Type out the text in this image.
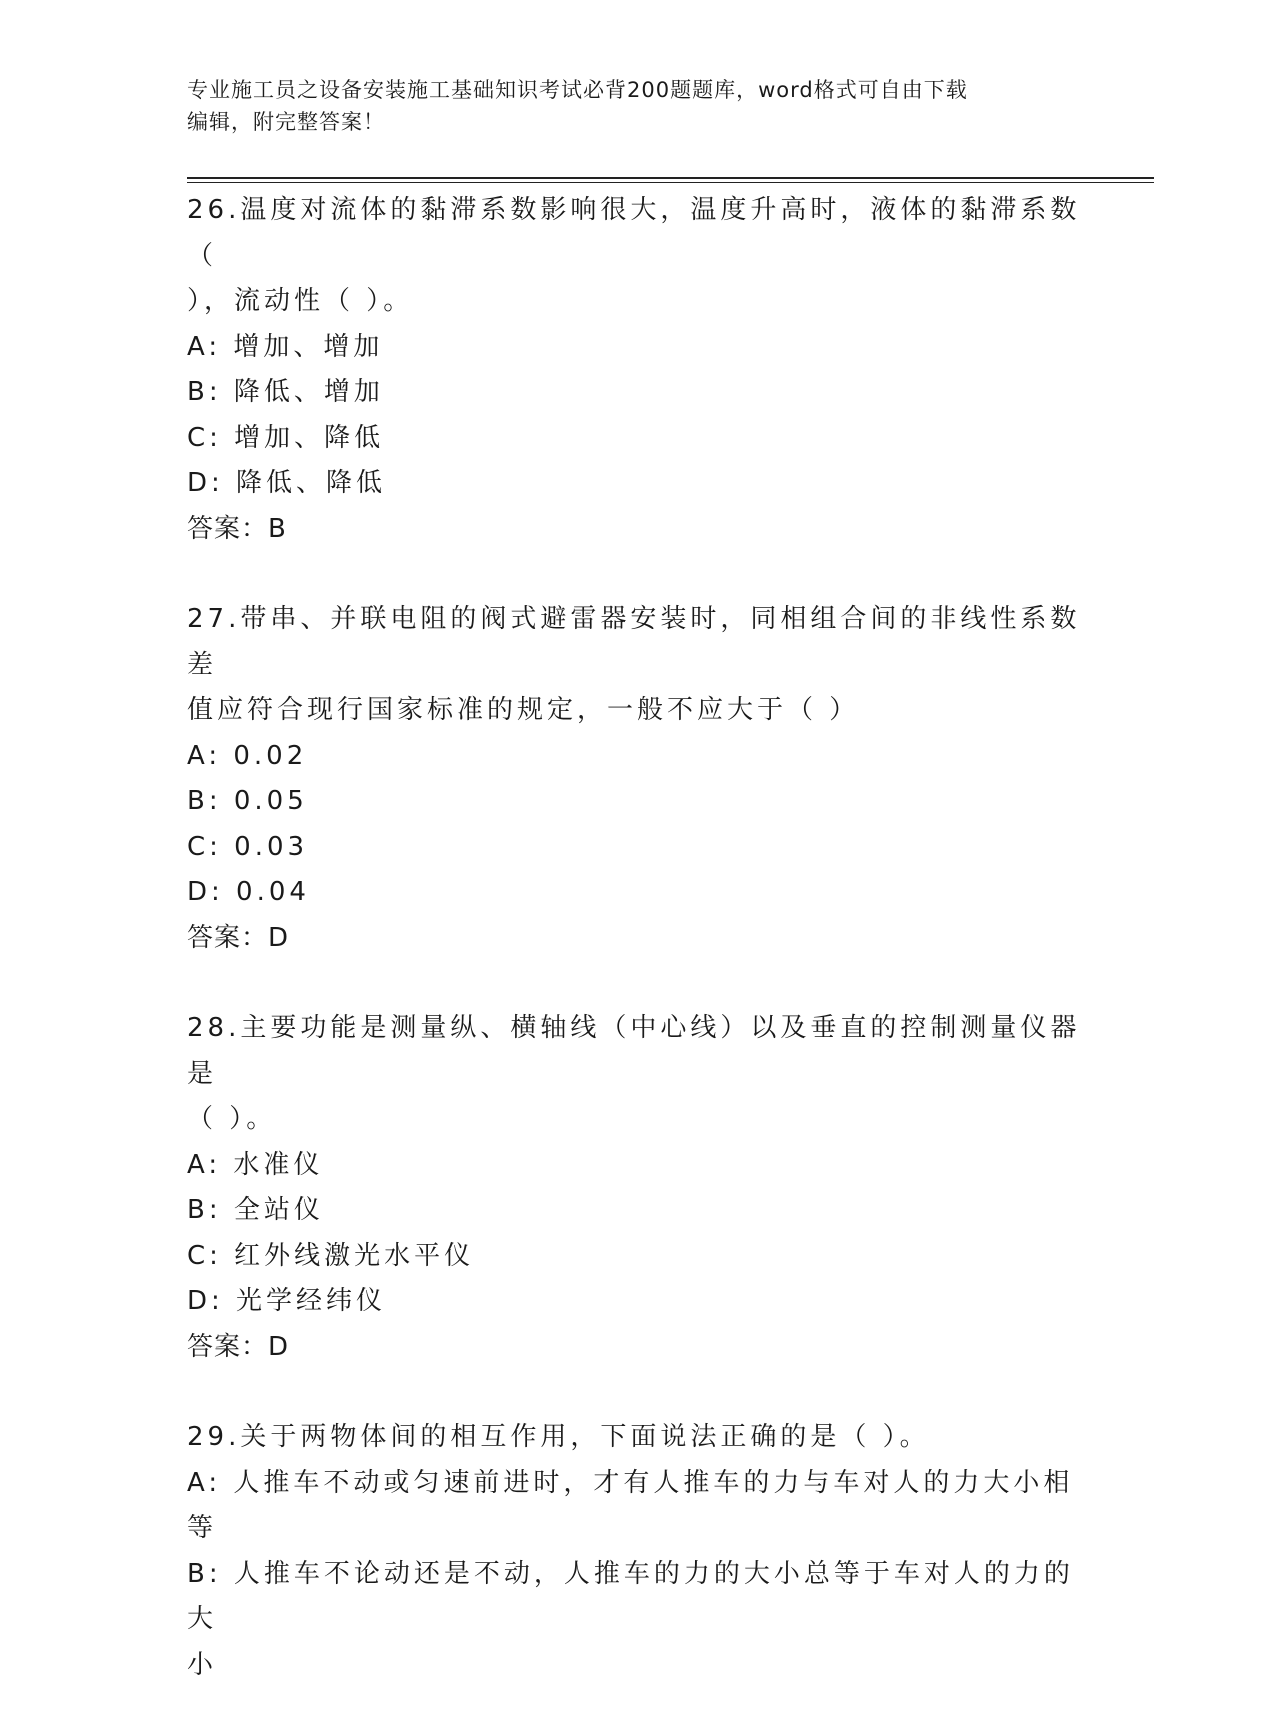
专业施工员之设备安装施工基础知识考试必背200题题库，word格式可自由下载
编辑，附完整答案！
26.温度对流体的黏滞系数影响很大，温度升高时，液体的黏滞系数（
），流动性（ ）。
A: 增加、增加
B: 降低、增加
C: 增加、降低
D: 降低、降低
答案：B
27.带串、并联电阻的阀式避雷器安装时，同相组合间的非线性系数差
值应符合现行国家标准的规定，一般不应大于（ ）
A: 0.02
B: 0.05
C: 0.03
D: 0.04
答案：D
28.主要功能是测量纵、横轴线（中心线）以及垂直的控制测量仪器是
（ ）。
A: 水准仪
B: 全站仪
C: 红外线激光水平仪
D: 光学经纬仪
答案：D
29.关于两物体间的相互作用，下面说法正确的是（ ）。
A: 人推车不动或匀速前进时，才有人推车的力与车对人的力大小相等
B: 人推车不论动还是不动，人推车的力的大小总等于车对人的力的大
小
